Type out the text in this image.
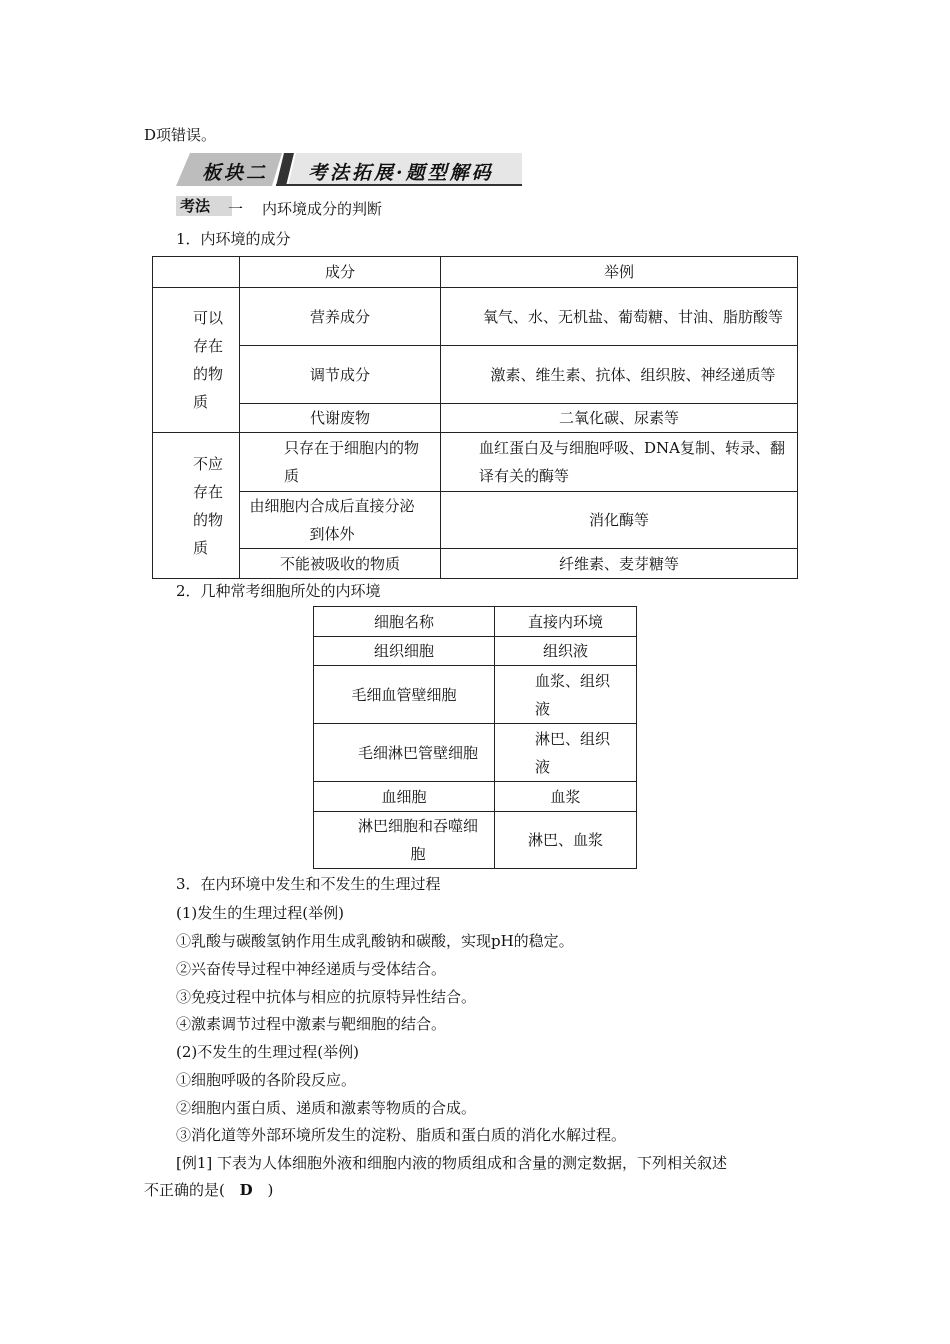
D项错误。
板块二 考法拓展·题型解码
考法	一 内环境成分的判断
1．内环境的成分
	成分	举例

可以存在的物质	营养成分	氧气、水、无机盐、葡萄糖、甘油、脂肪酸等
	调节成分	激素、维生素、抗体、组织胺、神经递质等
	代谢废物	二氧化碳、尿素等

不应存在的物质	只存在于细胞内的物质	血红蛋白及与细胞呼吸、DNA复制、转录、翻译有关的酶等
	由细胞内合成后直接分泌到体外	消化酶等
	不能被吸收的物质	纤维素、麦芽糖等
2．几种常考细胞所处的内环境
细胞名称	直接内环境
组织细胞	组织液
毛细血管壁细胞	血浆、组织液
毛细淋巴管壁细胞	淋巴、组织液
血细胞	血浆
淋巴细胞和吞噬细胞	淋巴、血浆
3．在内环境中发生和不发生的生理过程
(1)发生的生理过程(举例)
①乳酸与碳酸氢钠作用生成乳酸钠和碳酸，实现pH的稳定。
②兴奋传导过程中神经递质与受体结合。
③免疫过程中抗体与相应的抗原特异性结合。
④激素调节过程中激素与靶细胞的结合。
(2)不发生的生理过程(举例)
①细胞呼吸的各阶段反应。
②细胞内蛋白质、递质和激素等物质的合成。
③消化道等外部环境所发生的淀粉、脂质和蛋白质的消化水解过程。
[例1] 下表为人体细胞外液和细胞内液的物质组成和含量的测定数据，下列相关叙述
不正确的是( D )
